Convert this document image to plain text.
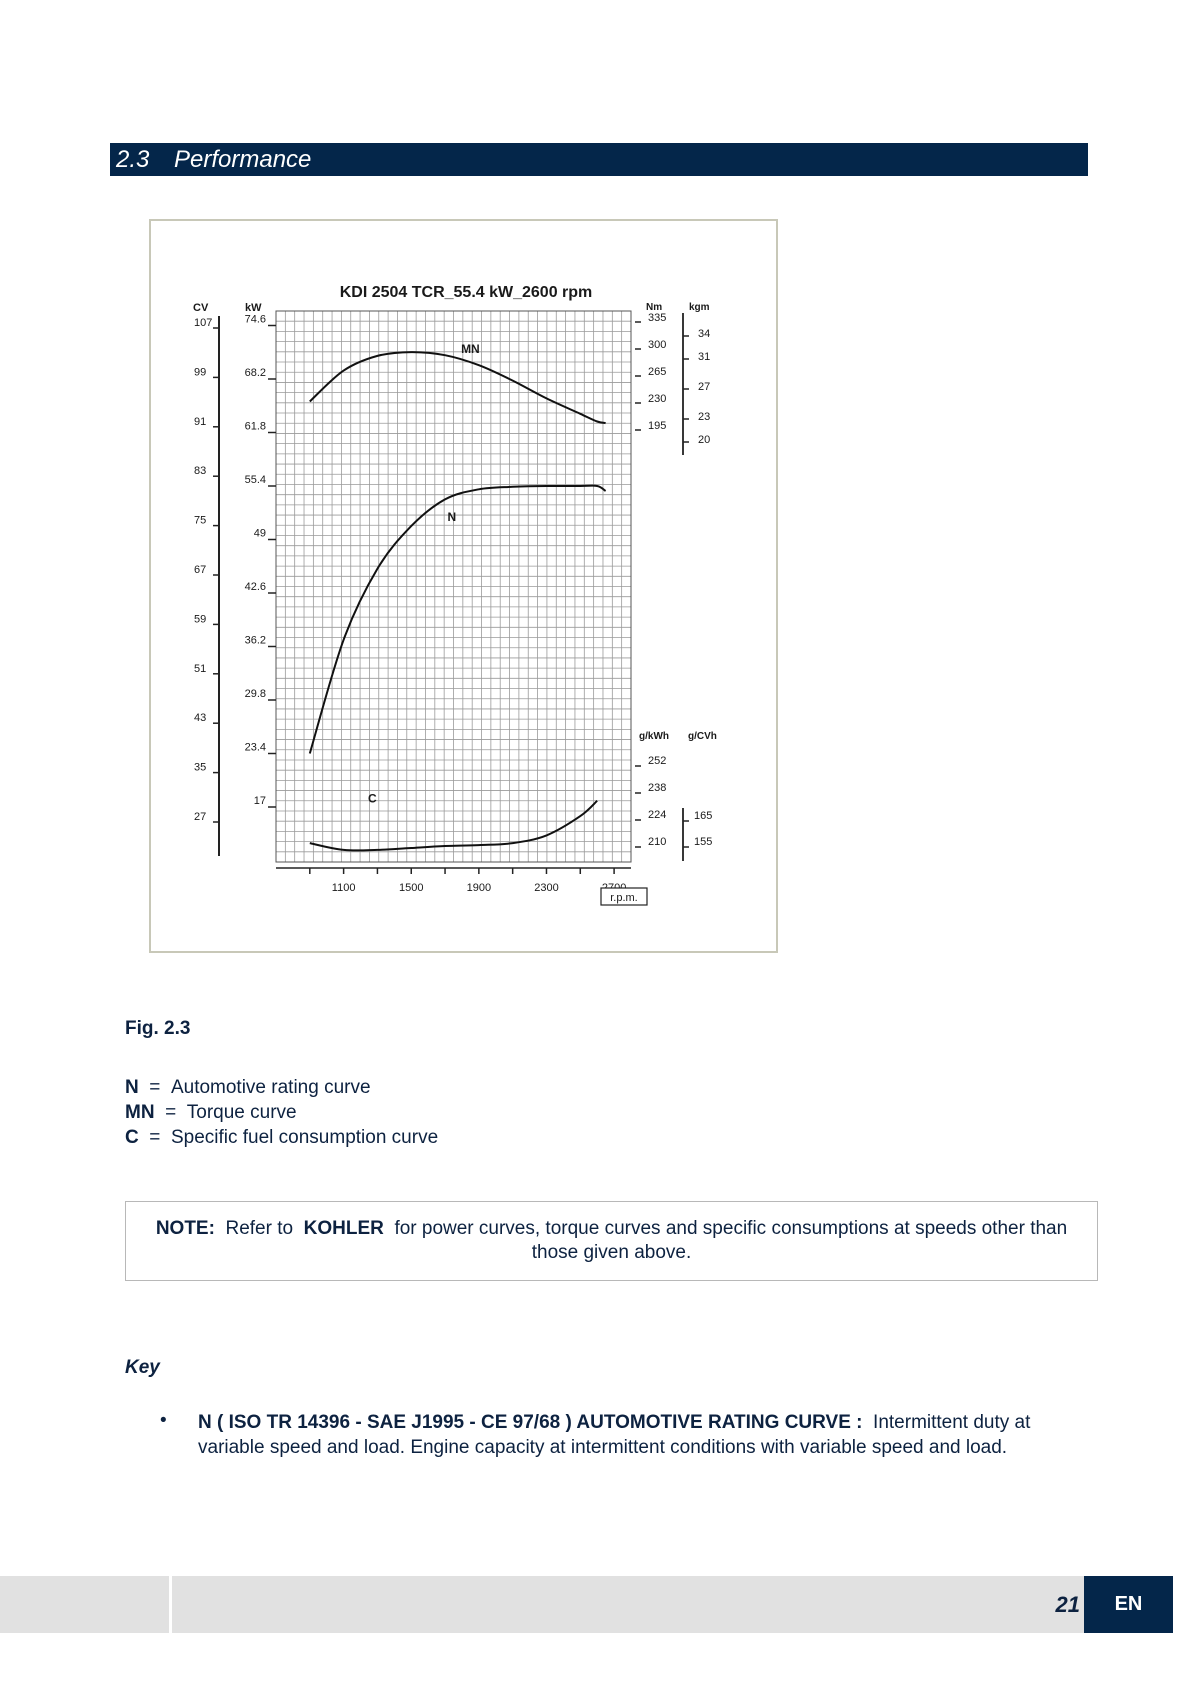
2.3 Performance
CV
107
99
91
83
75
67
59
51
43
35
27
kW
74.6
68.2
61.8
55.4
49
42.6
36.2
29.8
23.4
17
1100	1500	1900	2300
Nm
335
300
265
230
195
kgm
34
31
27
23
20
g/kWh
252
238
224
210
g/CVh
165
155
MN
N
C
KDI 2504 TCR_55.4 kW_2600 rpm
r.p.m.
Fig. 2.3
N  =  Automotive rating curve
MN  =  Torque curve
C  =  Specific fuel consumption curve
NOTE: Refer to KOHLER for power curves, torque curves and specific consumptions at speeds other than those given above.
Key
• N ( ISO TR 14396 - SAE J1995 - CE 97/68 ) AUTOMOTIVE RATING CURVE : Intermittent duty at variable speed and load. Engine capacity at intermittent conditions with variable speed and load.
21	EN
